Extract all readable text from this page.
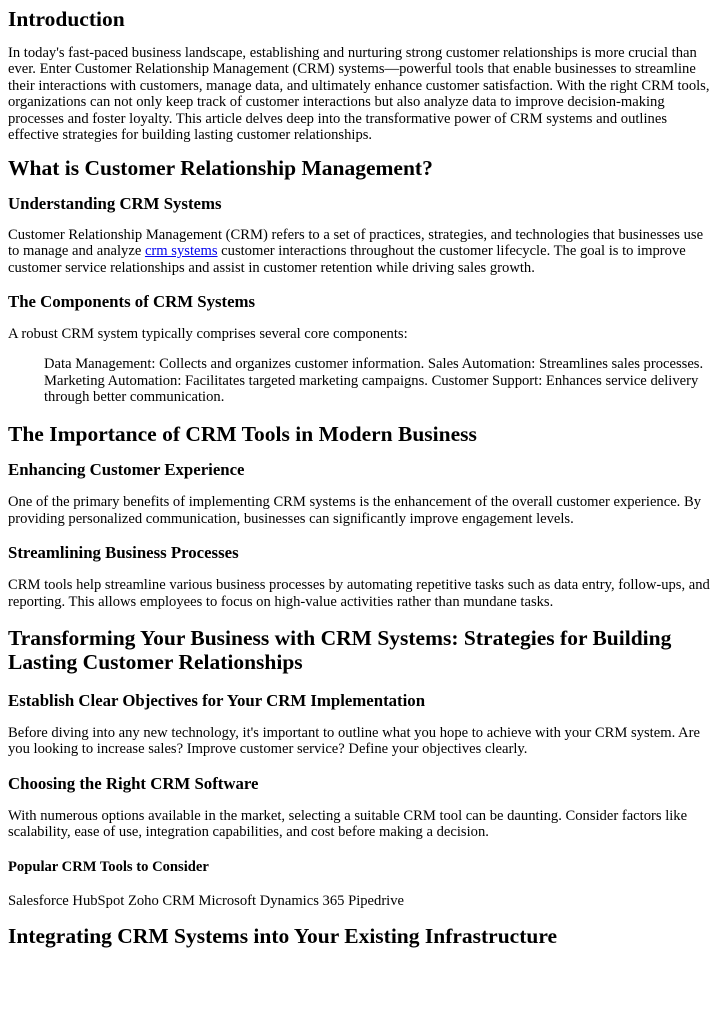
Introduction

In today's fast-paced business landscape, establishing and nurturing strong customer relationships is more crucial than ever. Enter Customer Relationship Management (CRM) systems—powerful tools that enable businesses to streamline their interactions with customers, manage data, and ultimately enhance customer satisfaction. With the right CRM tools, organizations can not only keep track of customer interactions but also analyze data to improve decision-making processes and foster loyalty. This article delves deep into the transformative power of CRM systems and outlines effective strategies for building lasting customer relationships.

What is Customer Relationship Management?
Understanding CRM Systems

Customer Relationship Management (CRM) refers to a set of practices, strategies, and technologies that businesses use to manage and analyze crm systems customer interactions throughout the customer lifecycle. The goal is to improve customer service relationships and assist in customer retention while driving sales growth.

The Components of CRM Systems

A robust CRM system typically comprises several core components:

Data Management: Collects and organizes customer information. Sales Automation: Streamlines sales processes. Marketing Automation: Facilitates targeted marketing campaigns. Customer Support: Enhances service delivery through better communication.

The Importance of CRM Tools in Modern Business
Enhancing Customer Experience

One of the primary benefits of implementing CRM systems is the enhancement of the overall customer experience. By providing personalized communication, businesses can significantly improve engagement levels.

Streamlining Business Processes

CRM tools help streamline various business processes by automating repetitive tasks such as data entry, follow-ups, and reporting. This allows employees to focus on high-value activities rather than mundane tasks.

Transforming Your Business with CRM Systems: Strategies for Building Lasting Customer Relationships
Establish Clear Objectives for Your CRM Implementation

Before diving into any new technology, it's important to outline what you hope to achieve with your CRM system. Are you looking to increase sales? Improve customer service? Define your objectives clearly.

Choosing the Right CRM Software

With numerous options available in the market, selecting a suitable CRM tool can be daunting. Consider factors like scalability, ease of use, integration capabilities, and cost before making a decision.

Popular CRM Tools to Consider

Salesforce HubSpot Zoho CRM Microsoft Dynamics 365 Pipedrive

Integrating CRM Systems into Your Existing Infrastructure
